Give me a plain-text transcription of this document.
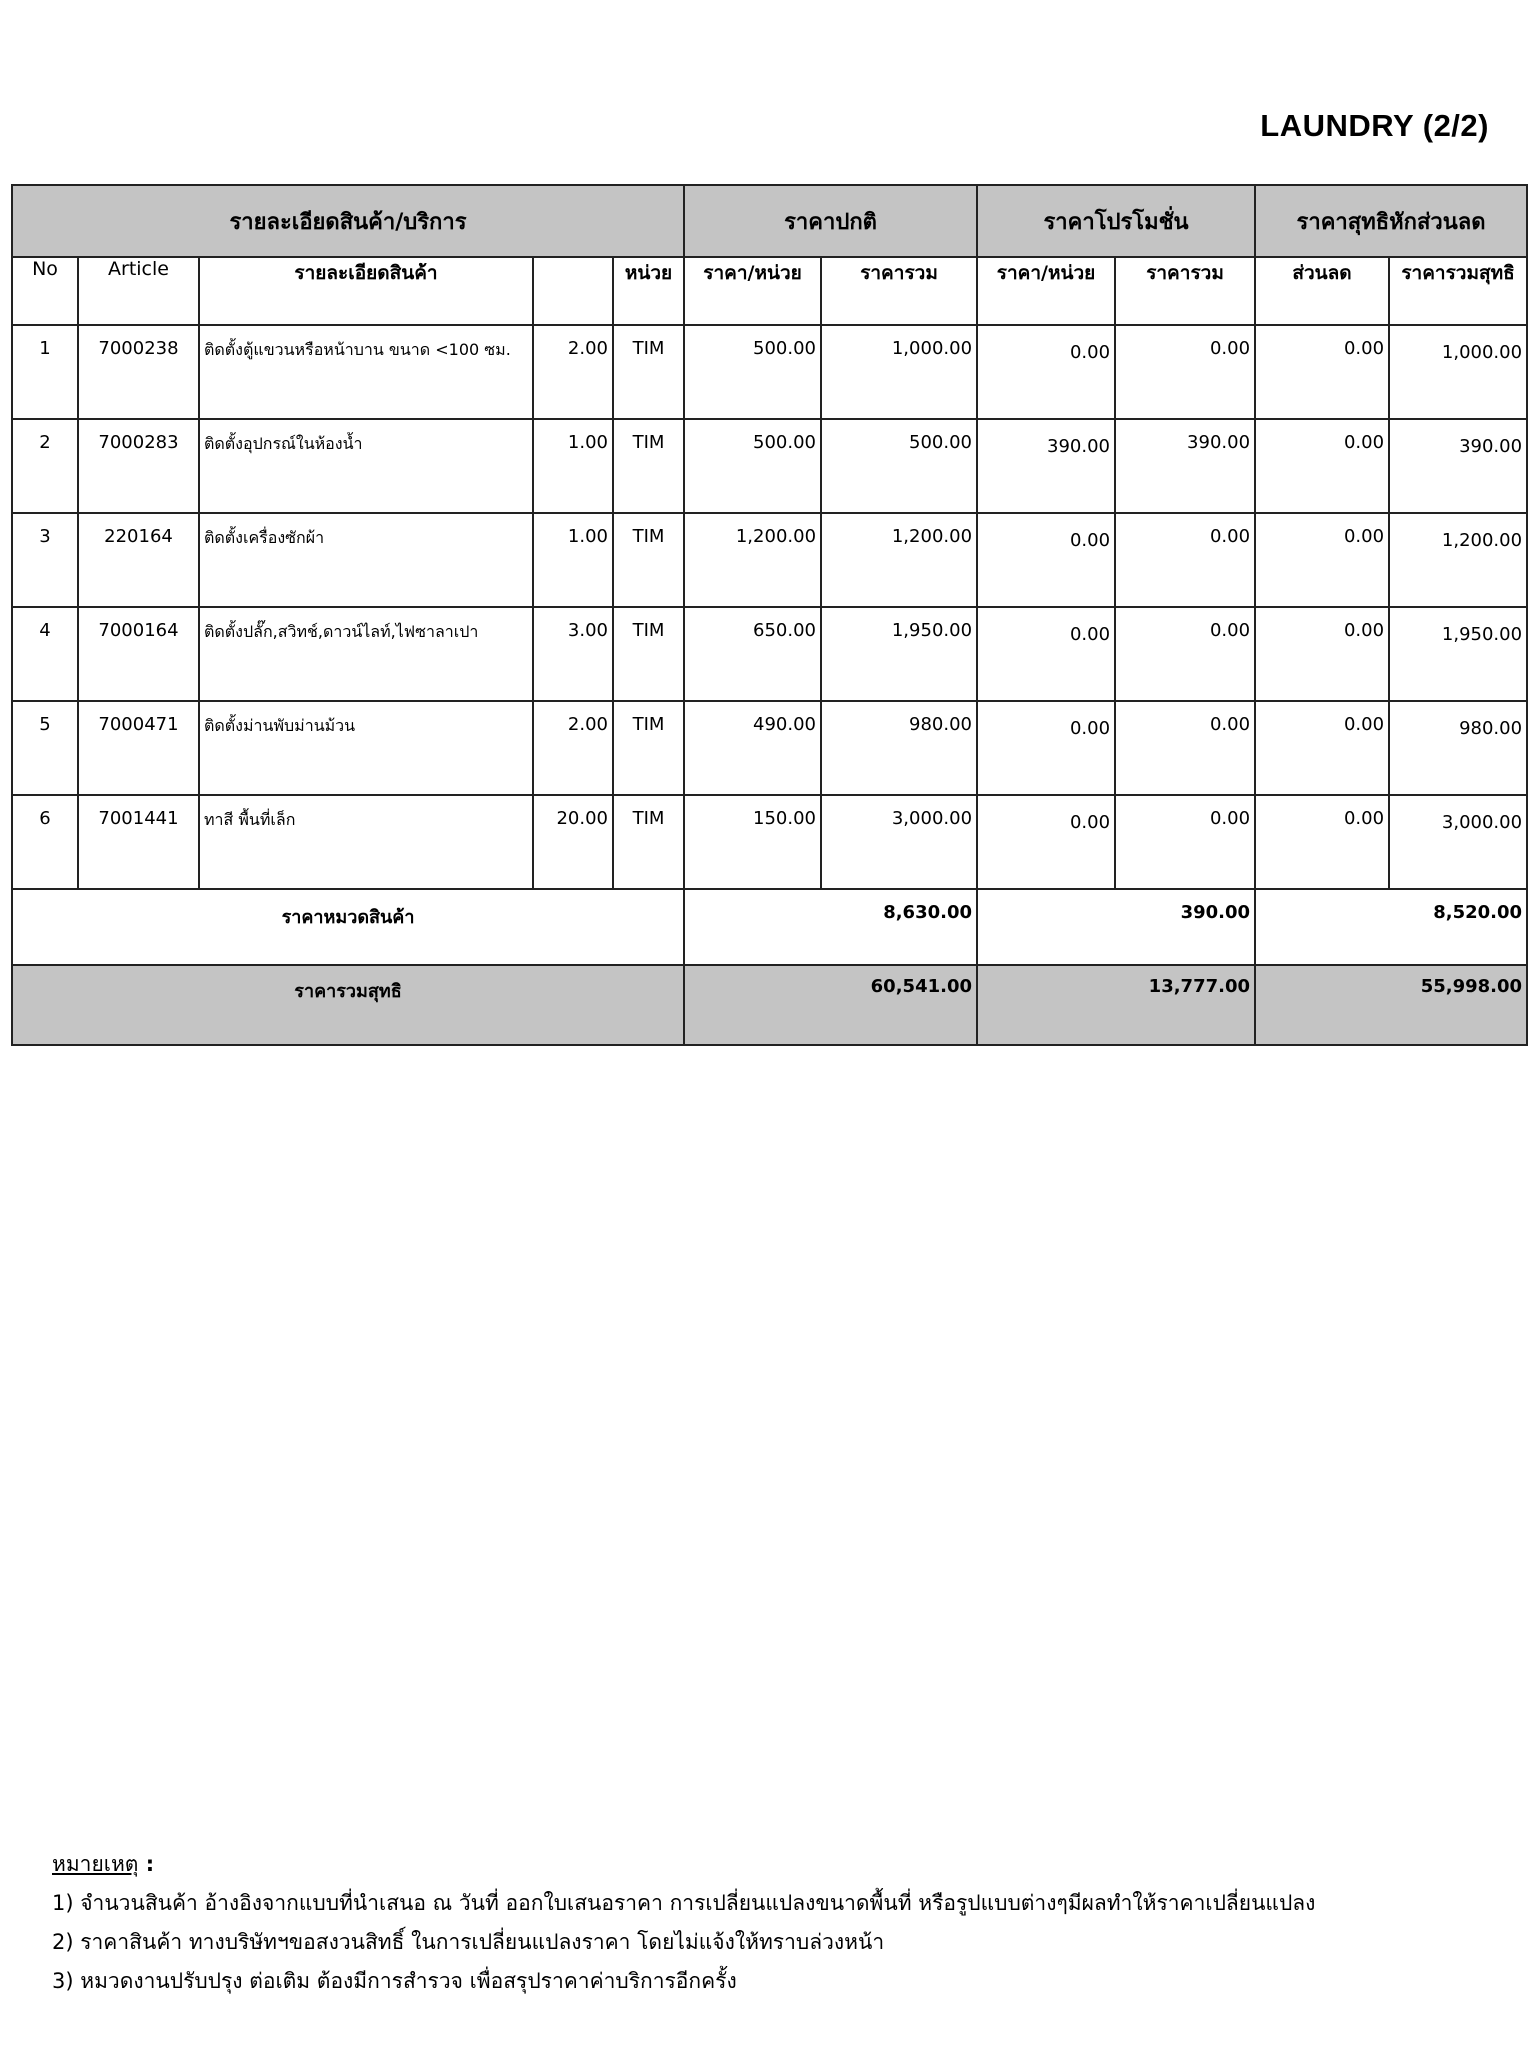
LAUNDRY (2/2)
รายละเอียดสินค้า/บริการ					ราคาปกติ		ราคาโปรโมชั่น		ราคาสุทธิหักส่วนลด	
No	Article	รายละเอียดสินค้า		หน่วย	ราคา/หน่วย	ราคารวม	ราคา/หน่วย	ราคารวม	ส่วนลด	ราคารวมสุทธิ
1	7000238	ติดตั้งตู้แขวนหรือหน้าบาน ขนาด <100 ซม.	2.00	TIM	500.00	1,000.00	0.00	0.00	0.00	1,000.00
2	7000283	ติดตั้งอุปกรณ์ในห้องน้ำ	1.00	TIM	500.00	500.00	390.00	390.00	0.00	390.00
3	220164	ติดตั้งเครื่องซักผ้า	1.00	TIM	1,200.00	1,200.00	0.00	0.00	0.00	1,200.00
4	7000164	ติดตั้งปลั๊ก,สวิทช์,ดาวน์ไลท์,ไฟซาลาเปา	3.00	TIM	650.00	1,950.00	0.00	0.00	0.00	1,950.00
5	7000471	ติดตั้งม่านพับม่านม้วน	2.00	TIM	490.00	980.00	0.00	0.00	0.00	980.00
6	7001441	ทาสี พื้นที่เล็ก	20.00	TIM	150.00	3,000.00	0.00	0.00	0.00	3,000.00
ราคาหมวดสินค้า					8,630.00		390.00		8,520.00	
ราคารวมสุทธิ					60,541.00		13,777.00		55,998.00	
หมายเหตุ :
1) จำนวนสินค้า อ้างอิงจากแบบที่นำเสนอ ณ วันที่ ออกใบเสนอราคา การเปลี่ยนแปลงขนาดพื้นที่ หรือรูปแบบต่างๆมีผลทำให้ราคาเปลี่ยนแปลง
2) ราคาสินค้า ทางบริษัทฯขอสงวนสิทธิ์ ในการเปลี่ยนแปลงราคา โดยไม่แจ้งให้ทราบล่วงหน้า
3) หมวดงานปรับปรุง ต่อเติม ต้องมีการสำรวจ เพื่อสรุปราคาค่าบริการอีกครั้ง
